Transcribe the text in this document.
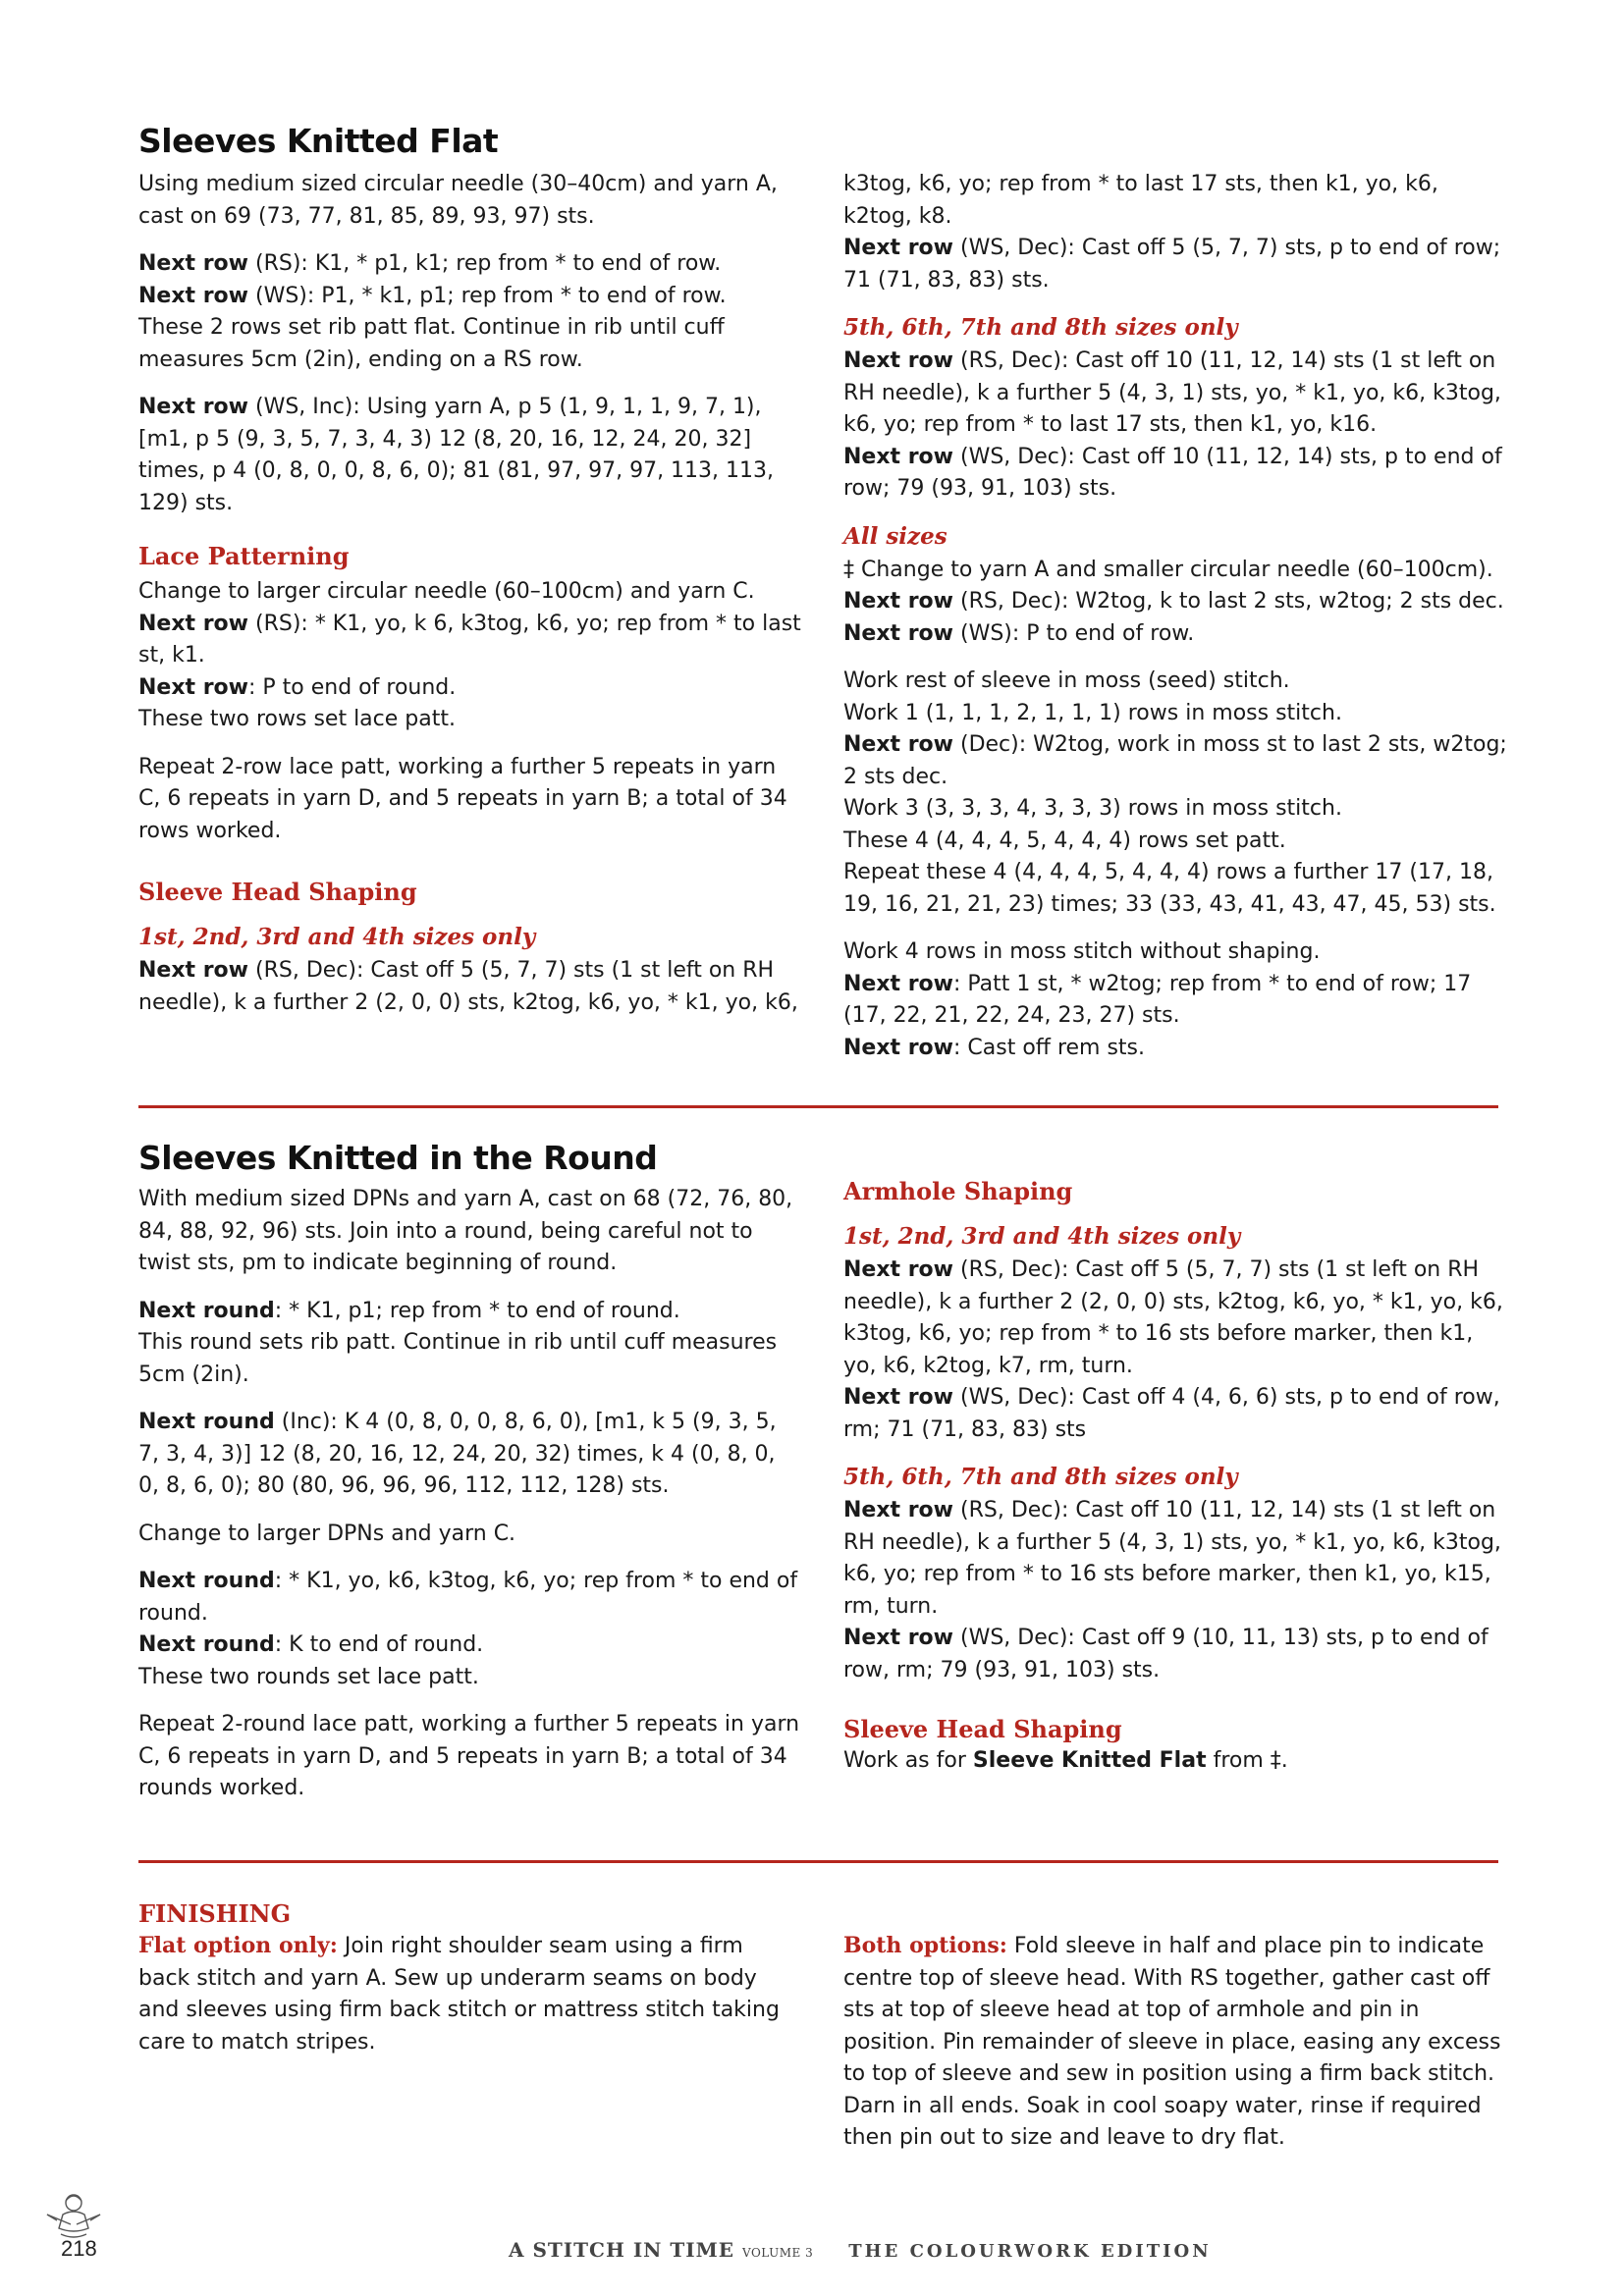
Sleeves Knitted Flat

Using medium sized circular needle (30–40cm) and yarn A, cast on 69 (73, 77, 81, 85, 89, 93, 97) sts.

Next row (RS): K1, * p1, k1; rep from * to end of row.

Next row (WS): P1, * k1, p1; rep from * to end of row.

These 2 rows set rib patt flat. Continue in rib until cuff measures 5cm (2in), ending on a RS row.

Next row (WS, Inc): Using yarn A, p 5 (1, 9, 1, 1, 9, 7, 1), [m1, p 5 (9, 3, 5, 7, 3, 4, 3) 12 (8, 20, 16, 12, 24, 20, 32] times, p 4 (0, 8, 0, 0, 8, 6, 0); 81 (81, 97, 97, 97, 113, 113, 129) sts.

Lace Patterning

Change to larger circular needle (60–100cm) and yarn C.

Next row (RS): * K1, yo, k 6, k3tog, k6, yo; rep from * to last st, k1.

Next row: P to end of round.

These two rows set lace patt.

Repeat 2-row lace patt, working a further 5 repeats in yarn C, 6 repeats in yarn D, and 5 repeats in yarn B; a total of 34 rows worked.

Sleeve Head Shaping
1st, 2nd, 3rd and 4th sizes only

Next row (RS, Dec): Cast off 5 (5, 7, 7) sts (1 st left on RH needle), k a further 2 (2, 0, 0) sts, k2tog, k6, yo, * k1, yo, k6,

k3tog, k6, yo; rep from * to last 17 sts, then k1, yo, k6, k2tog, k8.

Next row (WS, Dec): Cast off 5 (5, 7, 7) sts, p to end of row; 71 (71, 83, 83) sts.

5th, 6th, 7th and 8th sizes only

Next row (RS, Dec): Cast off 10 (11, 12, 14) sts (1 st left on RH needle), k a further 5 (4, 3, 1) sts, yo, * k1, yo, k6, k3tog, k6, yo; rep from * to last 17 sts, then k1, yo, k16.

Next row (WS, Dec): Cast off 10 (11, 12, 14) sts, p to end of row; 79 (93, 91, 103) sts.

All sizes

‡ Change to yarn A and smaller circular needle (60–100cm).

Next row (RS, Dec): W2tog, k to last 2 sts, w2tog; 2 sts dec.

Next row (WS): P to end of row.

Work rest of sleeve in moss (seed) stitch.

Work 1 (1, 1, 1, 2, 1, 1, 1) rows in moss stitch.

Next row (Dec): W2tog, work in moss st to last 2 sts, w2tog; 2 sts dec.

Work 3 (3, 3, 3, 4, 3, 3, 3) rows in moss stitch.

These 4 (4, 4, 4, 5, 4, 4, 4) rows set patt.

Repeat these 4 (4, 4, 4, 5, 4, 4, 4) rows a further 17 (17, 18, 19, 16, 21, 21, 23) times; 33 (33, 43, 41, 43, 47, 45, 53) sts.

Work 4 rows in moss stitch without shaping.

Next row: Patt 1 st, * w2tog; rep from * to end of row; 17 (17, 22, 21, 22, 24, 23, 27) sts.

Next row: Cast off rem sts.

Sleeves Knitted in the Round

With medium sized DPNs and yarn A, cast on 68 (72, 76, 80, 84, 88, 92, 96) sts. Join into a round, being careful not to twist sts, pm to indicate beginning of round.

Next round: * K1, p1; rep from * to end of round.

This round sets rib patt. Continue in rib until cuff measures 5cm (2in).

Next round (Inc): K 4 (0, 8, 0, 0, 8, 6, 0), [m1, k 5 (9, 3, 5, 7, 3, 4, 3)] 12 (8, 20, 16, 12, 24, 20, 32) times, k 4 (0, 8, 0, 0, 8, 6, 0); 80 (80, 96, 96, 96, 112, 112, 128) sts.

Change to larger DPNs and yarn C.

Next round: * K1, yo, k6, k3tog, k6, yo; rep from * to end of round.

Next round: K to end of round.

These two rounds set lace patt.

Repeat 2-round lace patt, working a further 5 repeats in yarn C, 6 repeats in yarn D, and 5 repeats in yarn B; a total of 34 rounds worked.

Armhole Shaping
1st, 2nd, 3rd and 4th sizes only

Next row (RS, Dec): Cast off 5 (5, 7, 7) sts (1 st left on RH needle), k a further 2 (2, 0, 0) sts, k2tog, k6, yo, * k1, yo, k6, k3tog, k6, yo; rep from * to 16 sts before marker, then k1, yo, k6, k2tog, k7, rm, turn.

Next row (WS, Dec): Cast off 4 (4, 6, 6) sts, p to end of row, rm; 71 (71, 83, 83) sts

5th, 6th, 7th and 8th sizes only

Next row (RS, Dec): Cast off 10 (11, 12, 14) sts (1 st left on RH needle), k a further 5 (4, 3, 1) sts, yo, * k1, yo, k6, k3tog, k6, yo; rep from * to 16 sts before marker, then k1, yo, k15, rm, turn.

Next row (WS, Dec): Cast off 9 (10, 11, 13) sts, p to end of row, rm; 79 (93, 91, 103) sts.

Sleeve Head Shaping

Work as for Sleeve Knitted Flat from ‡.

FINISHING

Flat option only: Join right shoulder seam using a firm back stitch and yarn A. Sew up underarm seams on body and sleeves using firm back stitch or mattress stitch taking care to match stripes.

Both options: Fold sleeve in half and place pin to indicate centre top of sleeve head. With RS together, gather cast off sts at top of sleeve head at top of armhole and pin in position. Pin remainder of sleeve in place, easing any excess to top of sleeve and sew in position using a firm back stitch. Darn in all ends. Soak in cool soapy water, rinse if required then pin out to size and leave to dry flat.

218	A STITCH IN TIME VOLUME 3 THE COLOURWORK EDITION
